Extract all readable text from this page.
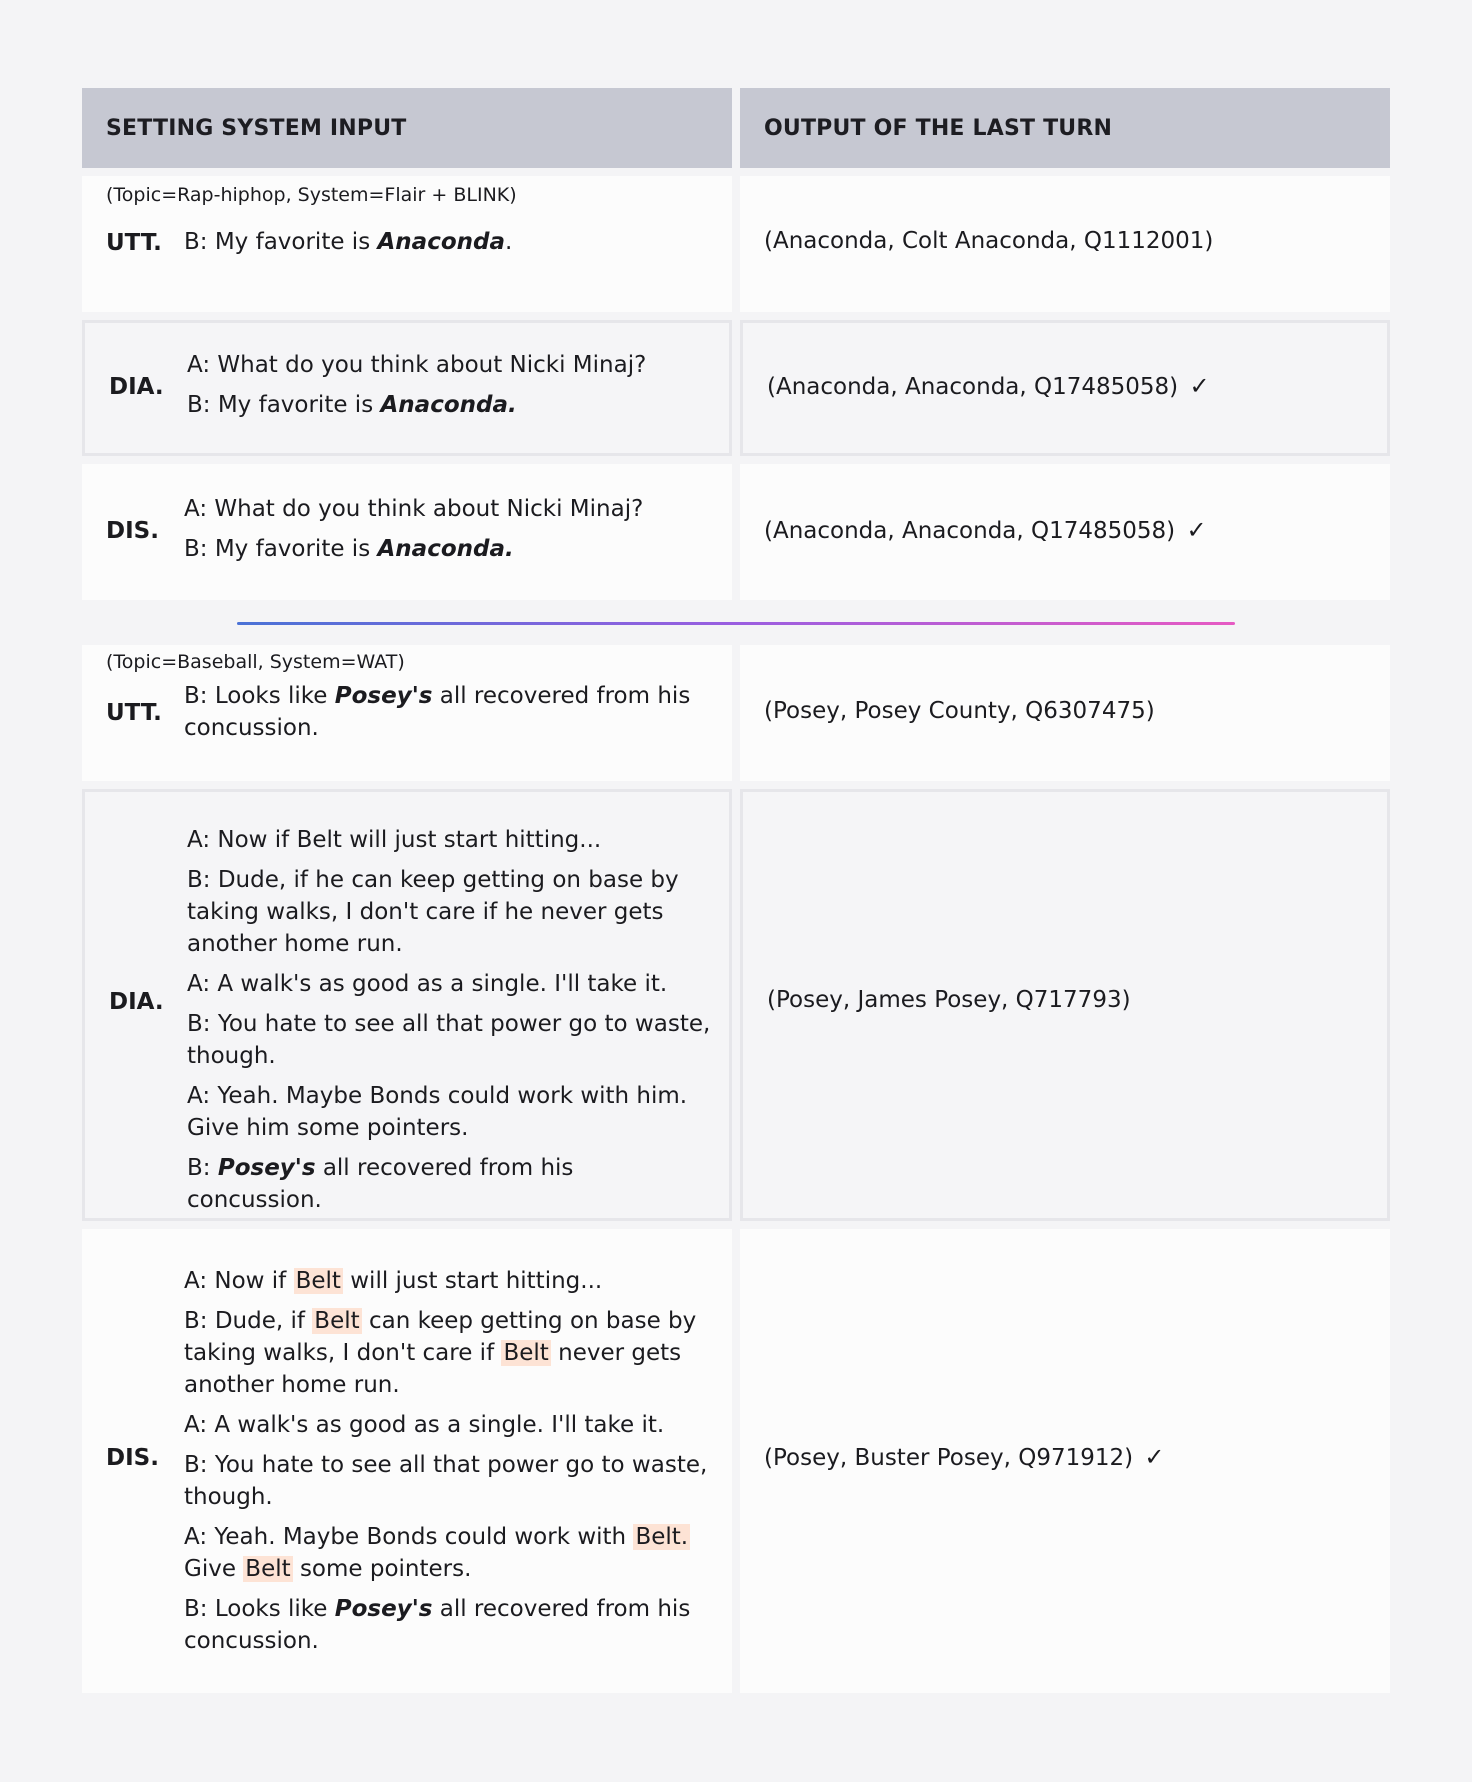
SETTING SYSTEM INPUT	OUTPUT OF THE LAST TURN
(Topic=Rap-hiphop, System=Flair + BLINK)
UTT. B: My favorite is Anaconda.	(Anaconda, Colt Anaconda, Q1112001)
DIA.
A: What do you think about Nicki Minaj?
B: My favorite is Anaconda.
(Anaconda, Anaconda, Q17485058) ✓
DIS.
A: What do you think about Nicki Minaj?
B: My favorite is Anaconda.
(Anaconda, Anaconda, Q17485058) ✓
(Topic=Baseball, System=WAT)
UTT.
B: Looks like Posey's all recovered from his concussion.
(Posey, Posey County, Q6307475)
DIA.
A: Now if Belt will just start hitting...
B: Dude, if he can keep getting on base by taking walks, I don't care if he never gets another home run.
A: A walk's as good as a single. I'll take it.
B: You hate to see all that power go to waste, though.
A: Yeah. Maybe Bonds could work with him. Give him some pointers.
B: Posey's all recovered from his concussion.
(Posey, James Posey, Q717793)
DIS.
A: Now if Belt will just start hitting...
B: Dude, if Belt can keep getting on base by taking walks, I don't care if Belt never gets another home run.
A: A walk's as good as a single. I'll take it.
B: You hate to see all that power go to waste, though.
A: Yeah. Maybe Bonds could work with Belt. Give Belt some pointers.
B: Looks like Posey's all recovered from his concussion.
(Posey, Buster Posey, Q971912) ✓
